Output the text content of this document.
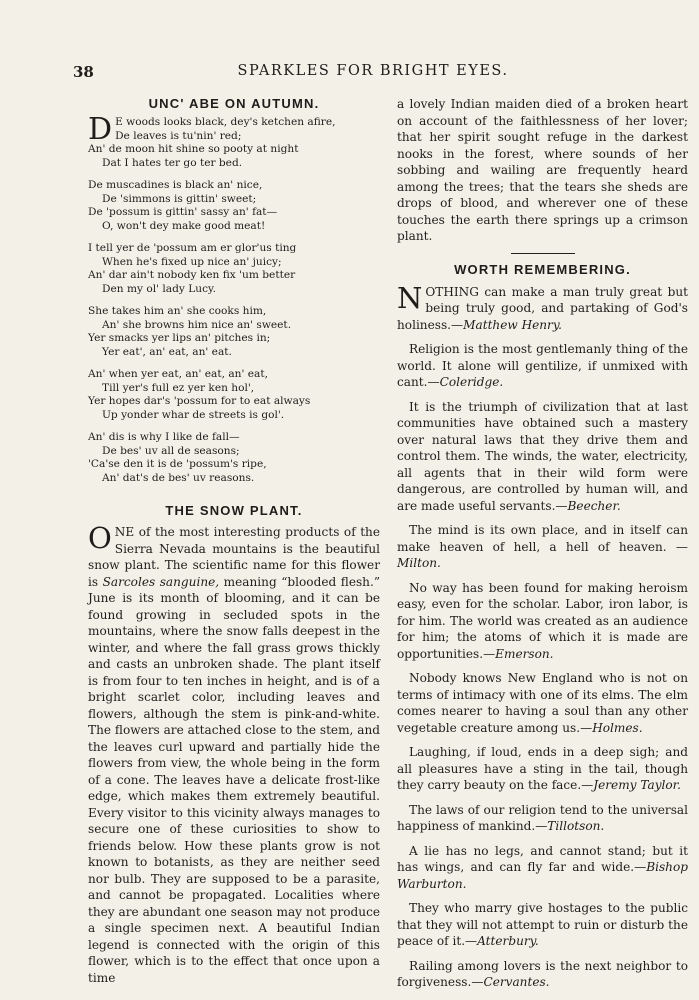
38	SPARKLES FOR BRIGHT EYES.
UNC' ABE ON AUTUMN.
D E woods looks black, dey's ketchen afire,

De leaves is tu'nin' red;

An' de moon hit shine so pooty at night

Dat I hates ter go ter bed.

De muscadines is black an' nice,

De 'simmons is gittin' sweet;

De 'possum is gittin' sassy an' fat—

O, won't dey make good meat!

I tell yer de 'possum am er glor'us ting

When he's fixed up nice an' juicy;

An' dar ain't nobody ken fix 'um better

Den my ol' lady Lucy.

She takes him an' she cooks him,

An' she browns him nice an' sweet.

Yer smacks yer lips an' pitches in;

Yer eat', an' eat, an' eat.

An' when yer eat, an' eat, an' eat,

Till yer's full ez yer ken hol',

Yer hopes dar's 'possum for to eat always

Up yonder whar de streets is gol'.

An' dis is why I like de fall—

De bes' uv all de seasons;

'Ca'se den it is de 'possum's ripe,

An' dat's de bes' uv reasons.

THE SNOW PLANT.

ONE of the most interesting products of the Sierra Nevada mountains is the beautiful snow plant. The scientific name for this flower is Sarcoles sanguine, meaning “blooded flesh.” June is its month of blooming, and it can be found growing in secluded spots in the mountains, where the snow falls deepest in the winter, and where the fall grass grows thickly and casts an unbroken shade. The plant itself is from four to ten inches in height, and is of a bright scarlet color, including leaves and flowers, although the stem is pink-and-white. The flowers are attached close to the stem, and the leaves curl upward and partially hide the flowers from view, the whole being in the form of a cone. The leaves have a delicate frost-like edge, which makes them extremely beautiful. Every visitor to this vicinity always manages to secure one of these curiosities to show to friends below. How these plants grow is not known to botanists, as they are neither seed nor bulb. They are supposed to be a parasite, and cannot be propagated. Localities where they are abundant one season may not produce a single specimen next. A beautiful Indian legend is connected with the origin of this flower, which is to the effect that once upon a time

a lovely Indian maiden died of a broken heart on account of the faithlessness of her lover; that her spirit sought refuge in the darkest nooks in the forest, where sounds of her sobbing and wailing are frequently heard among the trees; that the tears she sheds are drops of blood, and wherever one of these touches the earth there springs up a crimson plant.

WORTH REMEMBERING.

NOTHING can make a man truly great but being truly good, and partaking of God's holiness.—Matthew Henry.

Religion is the most gentlemanly thing of the world. It alone will gentilize, if unmixed with cant.—Coleridge.

It is the triumph of civilization that at last communities have obtained such a mastery over natural laws that they drive them and control them. The winds, the water, electricity, all agents that in their wild form were dangerous, are controlled by human will, and are made useful servants.—Beecher.

The mind is its own place, and in itself can make heaven of hell, a hell of heaven. —Milton.

No way has been found for making heroism easy, even for the scholar. Labor, iron labor, is for him. The world was created as an audience for him; the atoms of which it is made are opportunities.—Emerson.

Nobody knows New England who is not on terms of intimacy with one of its elms. The elm comes nearer to having a soul than any other vegetable creature among us.—Holmes.

Laughing, if loud, ends in a deep sigh; and all pleasures have a sting in the tail, though they carry beauty on the face.—Jeremy Taylor.

The laws of our religion tend to the universal happiness of mankind.—Tillotson.

A lie has no legs, and cannot stand; but it has wings, and can fly far and wide.—Bishop Warburton.

They who marry give hostages to the public that they will not attempt to ruin or disturb the peace of it.—Atterbury.

Railing among lovers is the next neighbor to forgiveness.—Cervantes.
